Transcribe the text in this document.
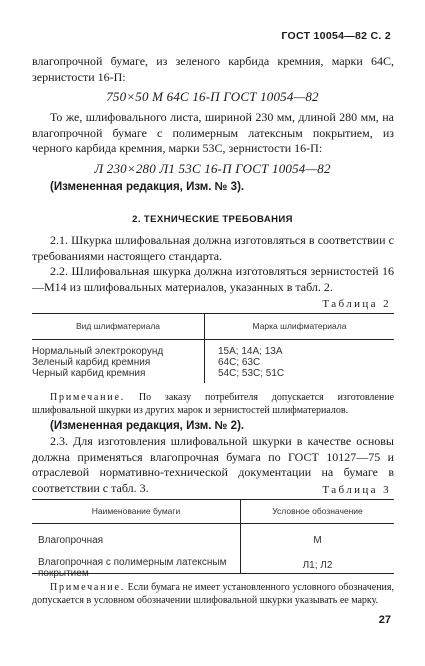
ГОСТ 10054—82 С. 2
влагопрочной бумаге, из зеленого карбида кремния, марки 64С, зернистости 16-П:
750×50 М 64С 16-П ГОСТ 10054—82
То же, шлифовального листа, шириной 230 мм, длиной 280 мм, на влагопрочной бумаге с полимерным латексным покрытием, из черного карбида кремния, марки 53С, зернистости 16-П:
Л 230×280 Л1 53С 16-П ГОСТ 10054—82
(Измененная редакция, Изм. № 3).
2. ТЕХНИЧЕСКИЕ ТРЕБОВАНИЯ
2.1. Шкурка шлифовальная должна изготовляться в соответствии с требованиями настоящего стандарта.
2.2. Шлифовальная шкурка должна изготовляться зернистостей 16—М14 из шлифовальных материалов, указанных в табл. 2.
Таблица 2
Вид шлифматериала	Марка шлифматериала
Нормальный электрокорунд	15А; 14А; 13А
Зеленый карбид кремния	64С; 63С
Черный карбид кремния	54С; 53С; 51С
Примечание. По заказу потребителя допускается изготовление шлифовальной шкурки из других марок и зернистостей шлифматериалов.
(Измененная редакция, Изм. № 2).
2.3. Для изготовления шлифовальной шкурки в качестве основы должна применяться влагопрочная бумага по ГОСТ 10127—75 и отраслевой нормативно-технической документации на бумаге в соответствии с табл. 3.	Таблица 3
Наименование бумаги	Условное обозначение
Влагопрочная	М
Влагопрочная с полимерным латексным	Л1; Л2
Примечание. Если бумага не имеет установленного условного обозначения, допускается в условном обозначении шлифовальной шкурки указывать ее марку.
27
